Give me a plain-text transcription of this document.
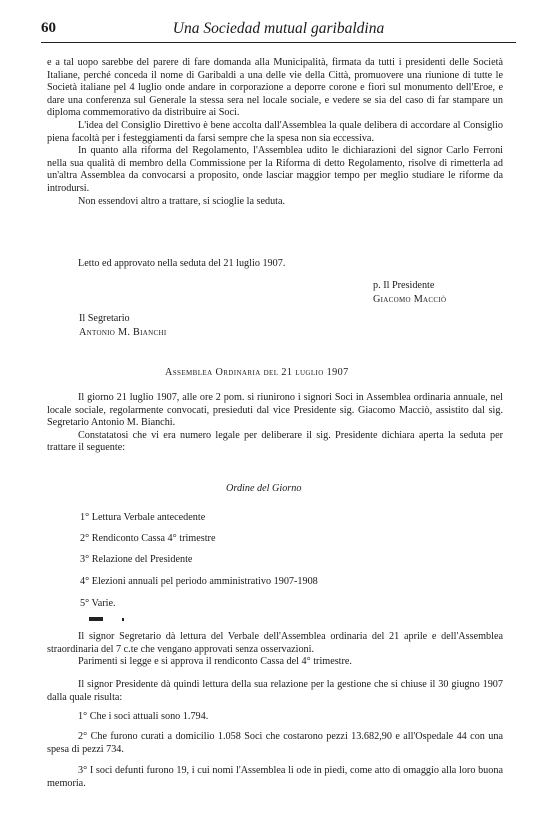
60	Una Sociedad mutual garibaldina

e a tal uopo sarebbe del parere di fare domanda alla Municipalità, firmata da tutti i presidenti delle Società Italiane, perché conceda il nome di Garibaldi a una delle vie della Città, promuovere una riunione di tutte le Società italiane pel 4 luglio onde andare in corporazione a deporre corone e fiori sul monumento dell'Eroe, e dare una conferenza sul Generale la stessa sera nel locale sociale, e vedere se sia del caso di far stampare un diploma commemorativo da distribuire ai Soci.

L'idea del Consiglio Direttivo è bene accolta dall'Assemblea la quale delibera di accordare al Consiglio piena facoltà per i festeggiamenti da farsi sempre che la spesa non sia eccessiva.

In quanto alla riforma del Regolamento, l'Assemblea udito le dichiarazioni del signor Carlo Ferroni nella sua qualità di membro della Commissione per la Riforma di detto Regolamento, risolve di rimetterla ad un'altra Assemblea da convocarsi a proposito, onde lasciar maggior tempo per meglio studiare le riforme da introdursi.

Non essendovi altro a trattare, si scioglie la seduta.

Letto ed approvato nella seduta del 21 luglio 1907.

p. Il Presidente
Giacomo Macciò
Il Segretario
Antonio M. Bianchi
Assemblea Ordinaria del 21 luglio 1907

Il giorno 21 luglio 1907, alle ore 2 pom. si riunirono i signori Soci in Assemblea ordinaria annuale, nel locale sociale, regolarmente convocati, presieduti dal vice Presidente sig. Giacomo Macciò, assistito dal sig. Segretario Antonio M. Bianchi.

Constatatosi che vi era numero legale per deliberare il sig. Presidente dichiara aperta la seduta per trattare il seguente:

Ordine del Giorno
1° Lettura Verbale antecedente
2° Rendiconto Cassa 4° trimestre
3° Relazione del Presidente
4° Elezioni annuali pel periodo amministrativo 1907-1908
5° Varie.

Il signor Segretario dà lettura del Verbale dell'Assemblea ordinaria del 21 aprile e dell'Assemblea straordinaria del 7 c.te che vengano approvati senza osservazioni.

Parimenti si legge e si approva il rendiconto Cassa del 4° trimestre.

Il signor Presidente dà quindi lettura della sua relazione per la gestione che si chiuse il 30 giugno 1907 dalla quale risulta:

1° Che i soci attuali sono 1.794.

2° Che furono curati a domicilio 1.058 Soci che costarono pezzi 13.682,90 e all'Ospedale 44 con una spesa di pezzi 734.

3° I soci defunti furono 19, i cui nomi l'Assemblea li ode in piedi, come atto di omaggio alla loro buona memoria.
